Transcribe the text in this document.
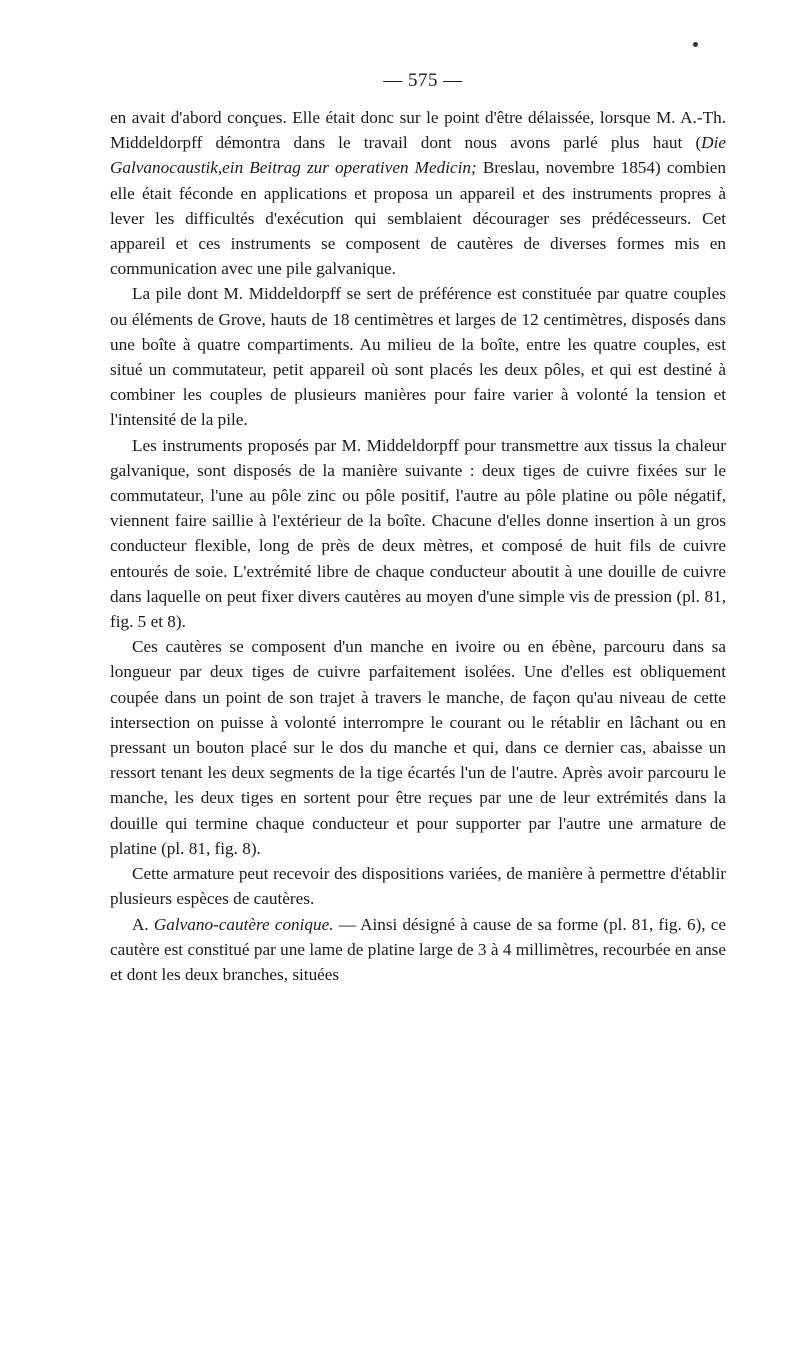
— 575 —

en avait d'abord conçues. Elle était donc sur le point d'être délaissée, lorsque M. A.-Th. Middeldorpff démontra dans le travail dont nous avons parlé plus haut (Die Galvanocaustik,ein Beitrag zur operativen Medicin; Breslau, novembre 1854) combien elle était féconde en applications et proposa un appareil et des instruments propres à lever les difficultés d'exécution qui semblaient décourager ses prédécesseurs. Cet appareil et ces instruments se composent de cautères de diverses formes mis en communication avec une pile galvanique.

La pile dont M. Middeldorpff se sert de préférence est constituée par quatre couples ou éléments de Grove, hauts de 18 centimètres et larges de 12 centimètres, disposés dans une boîte à quatre compartiments. Au milieu de la boîte, entre les quatre couples, est situé un commutateur, petit appareil où sont placés les deux pôles, et qui est destiné à combiner les couples de plusieurs manières pour faire varier à volonté la tension et l'intensité de la pile.

Les instruments proposés par M. Middeldorpff pour transmettre aux tissus la chaleur galvanique, sont disposés de la manière suivante : deux tiges de cuivre fixées sur le commutateur, l'une au pôle zinc ou pôle positif, l'autre au pôle platine ou pôle négatif, viennent faire saillie à l'extérieur de la boîte. Chacune d'elles donne insertion à un gros conducteur flexible, long de près de deux mètres, et composé de huit fils de cuivre entourés de soie. L'extrémité libre de chaque conducteur aboutit à une douille de cuivre dans laquelle on peut fixer divers cautères au moyen d'une simple vis de pression (pl. 81, fig. 5 et 8).

Ces cautères se composent d'un manche en ivoire ou en ébène, parcouru dans sa longueur par deux tiges de cuivre parfaitement isolées. Une d'elles est obliquement coupée dans un point de son trajet à travers le manche, de façon qu'au niveau de cette intersection on puisse à volonté interrompre le courant ou le rétablir en lâchant ou en pressant un bouton placé sur le dos du manche et qui, dans ce dernier cas, abaisse un ressort tenant les deux segments de la tige écartés l'un de l'autre. Après avoir parcouru le manche, les deux tiges en sortent pour être reçues par une de leur extrémités dans la douille qui termine chaque conducteur et pour supporter par l'autre une armature de platine (pl. 81, fig. 8).

Cette armature peut recevoir des dispositions variées, de manière à permettre d'établir plusieurs espèces de cautères.

A. Galvano-cautère conique. — Ainsi désigné à cause de sa forme (pl. 81, fig. 6), ce cautère est constitué par une lame de platine large de 3 à 4 millimètres, recourbée en anse et dont les deux branches, situées
